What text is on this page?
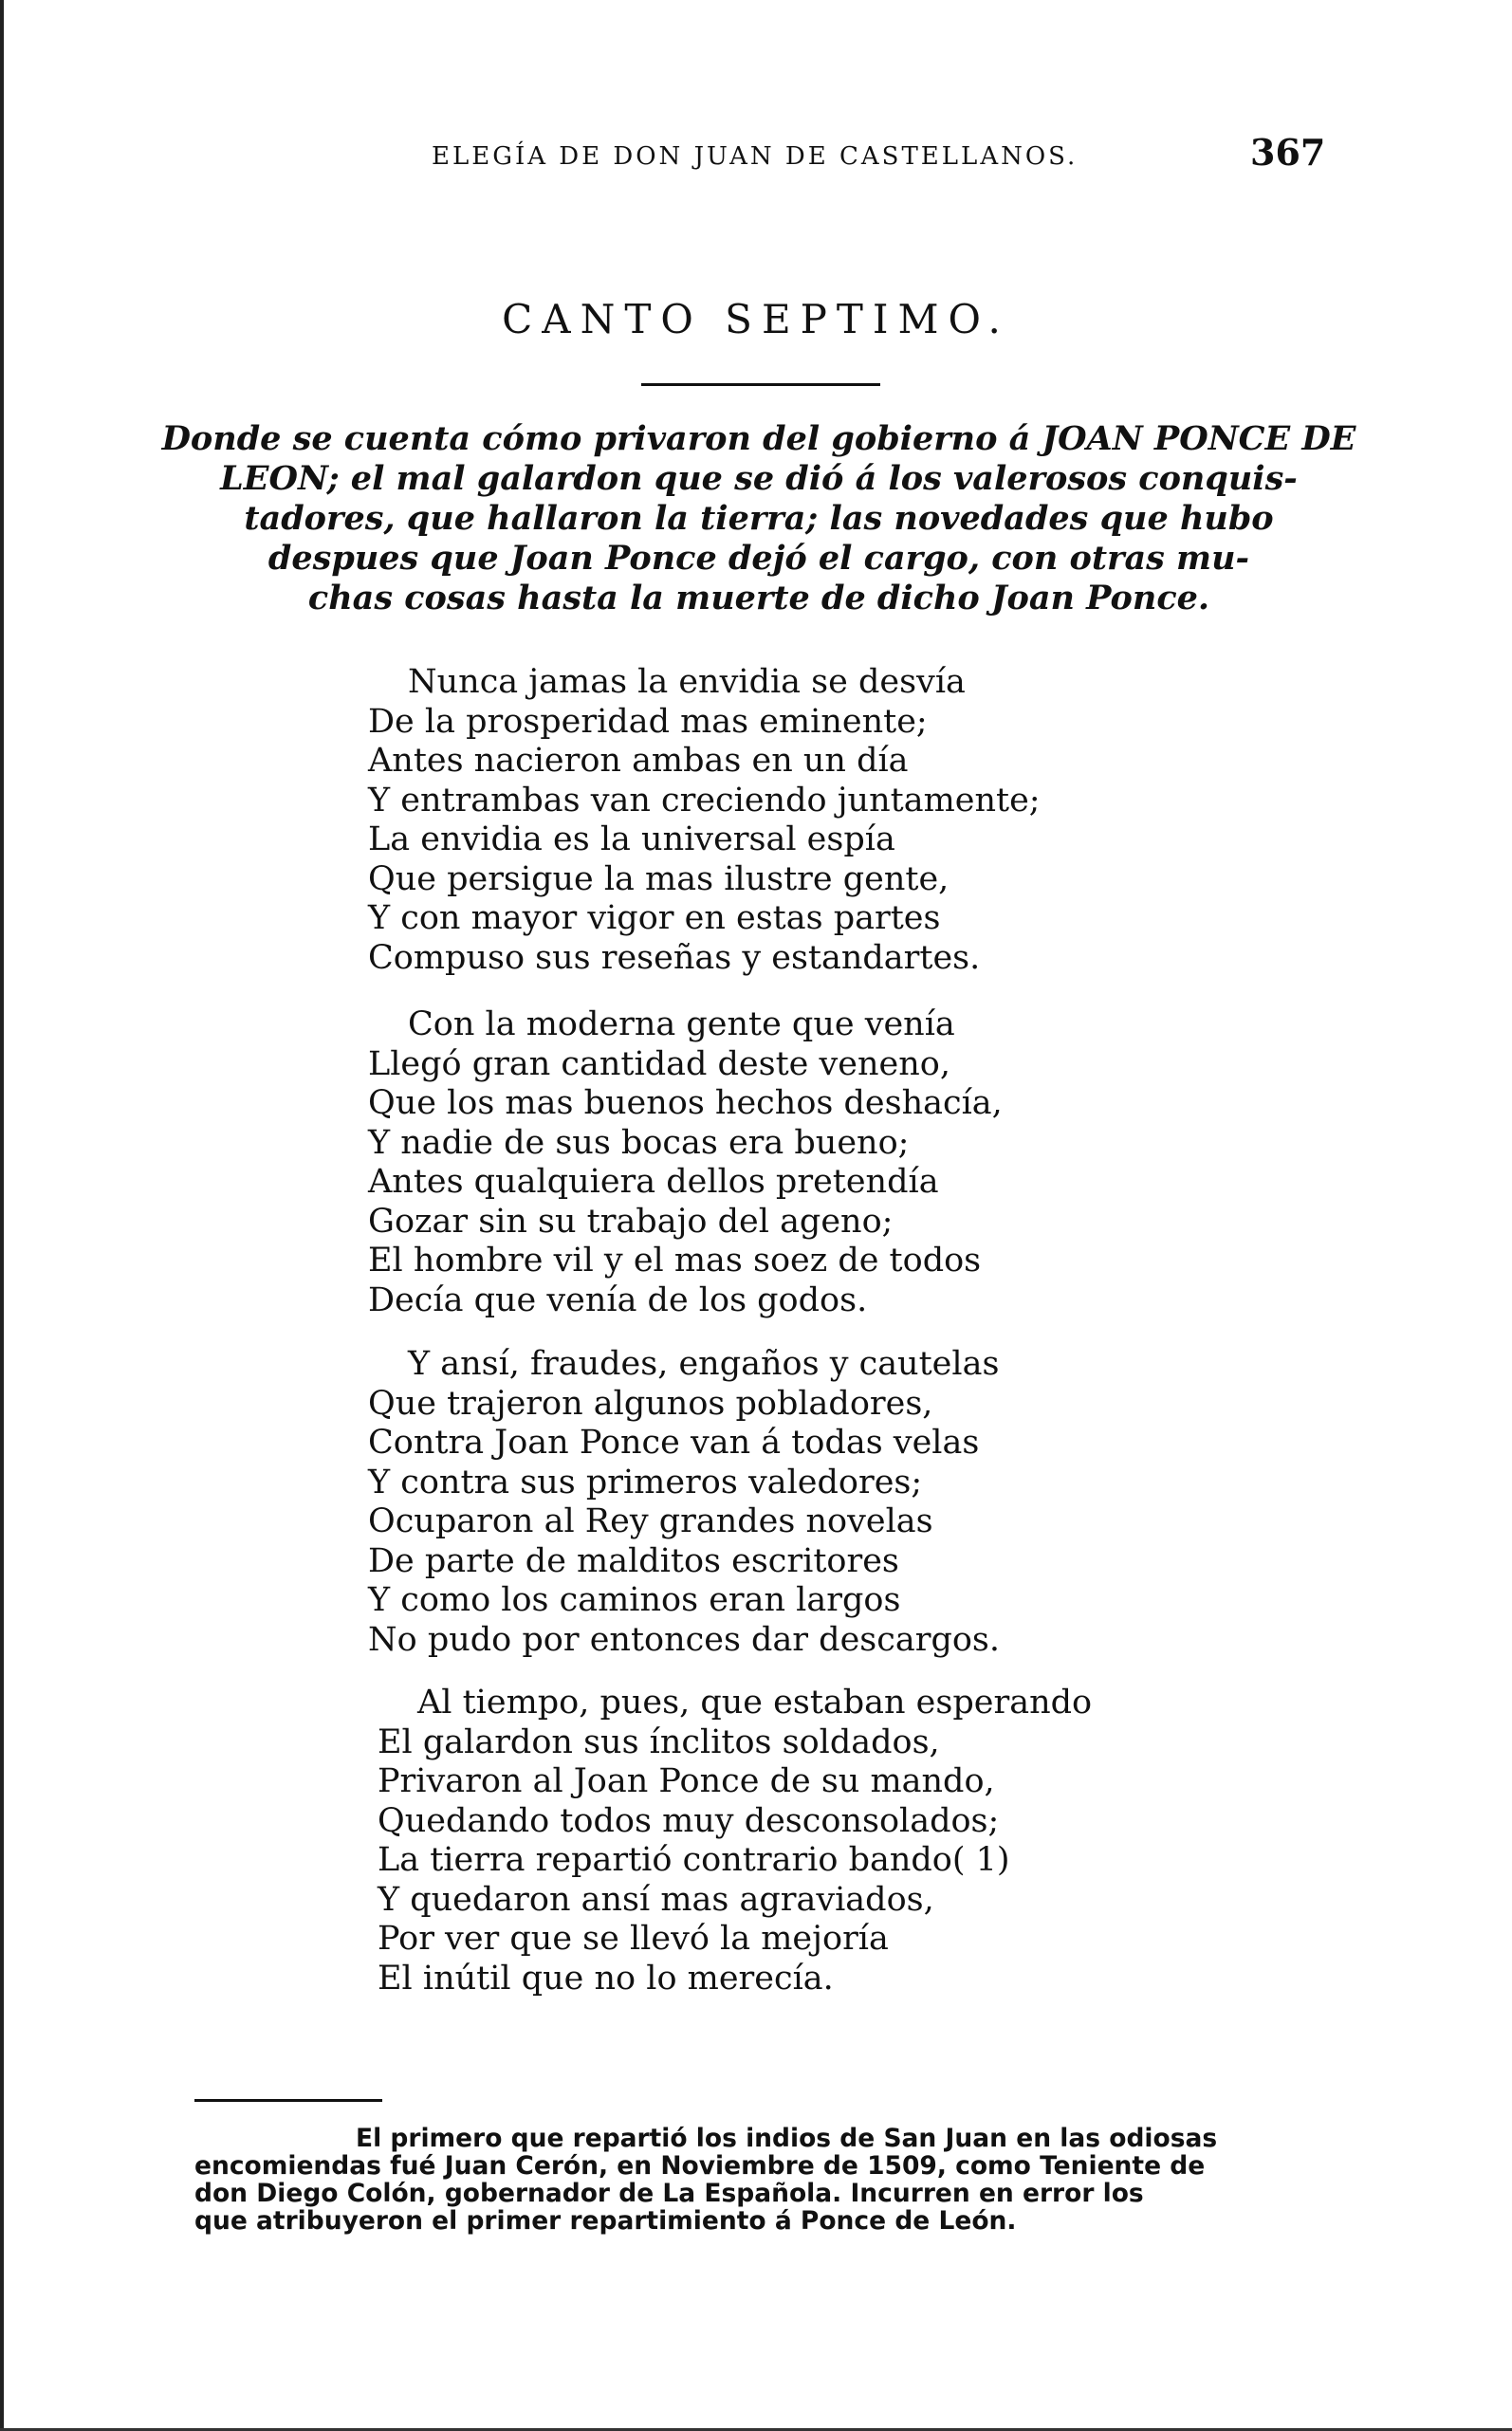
ELEGÍA DE DON JUAN DE CASTELLANOS.	367
CANTO SEPTIMO.
Donde se cuenta cómo privaron del gobierno á JOAN PONCE DE
LEON; el mal galardon que se dió á los valerosos conquis-
tadores, que hallaron la tierra; las novedades que hubo
despues que Joan Ponce dejó el cargo, con otras mu-
chas cosas hasta la muerte de dicho Joan Ponce.
Nunca jamas la envidia se desvía
De la prosperidad mas eminente;
Antes nacieron ambas en un día
Y entrambas van creciendo juntamente;
La envidia es la universal espía
Que persigue la mas ilustre gente,
Y con mayor vigor en estas partes
Compuso sus reseñas y estandartes.
Con la moderna gente que venía
Llegó gran cantidad deste veneno,
Que los mas buenos hechos deshacía,
Y nadie de sus bocas era bueno;
Antes qualquiera dellos pretendía
Gozar sin su trabajo del ageno;
El hombre vil y el mas soez de todos
Decía que venía de los godos.
Y ansí, fraudes, engaños y cautelas
Que trajeron algunos pobladores,
Contra Joan Ponce van á todas velas
Y contra sus primeros valedores;
Ocuparon al Rey grandes novelas
De parte de malditos escritores
Y como los caminos eran largos
No pudo por entonces dar descargos.
Al tiempo, pues, que estaban esperando
El galardon sus ínclitos soldados,
Privaron al Joan Ponce de su mando,
Quedando todos muy desconsolados;
La tierra repartió contrario bando( 1)
Y quedaron ansí mas agraviados,
Por ver que se llevó la mejoría
El inútil que no lo merecía.
El primero que repartió los indios de San Juan en las odiosas
encomiendas fué Juan Cerón, en Noviembre de 1509, como Teniente de
don Diego Colón, gobernador de La Española. Incurren en error los
que atribuyeron el primer repartimiento á Ponce de León.
